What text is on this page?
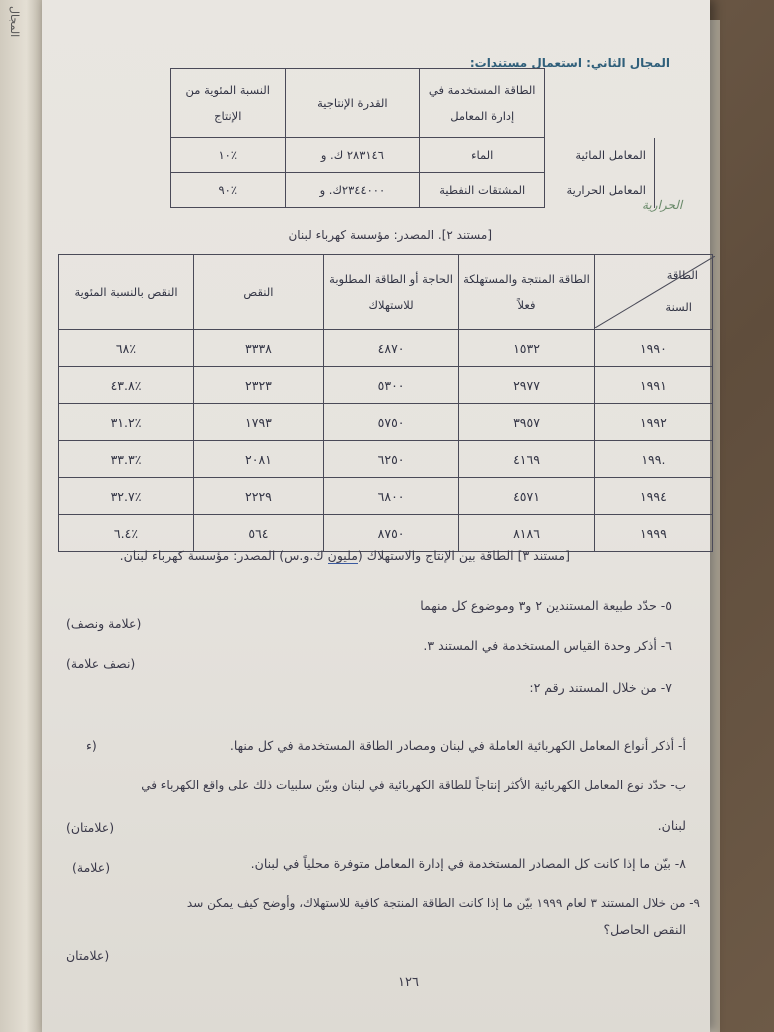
المجال
المجال الثاني: استعمال مستندات:
	الطاقة المستخدمة في إدارة المعامل	القدرة الإنتاجية	النسبة المئوية من الإنتاج
المعامل المائية	الماء	٢٨٣١٤٦ ك. و	٪١٠
المعامل الحرارية	المشتقات النفطية	٢٣٤٤٠٠٠ك. و	٪٩٠
الحرارية
[مستند ٢]. المصدر: مؤسسة كهرباء لبنان
الطاقة
السنة	الطاقة المنتجة والمستهلكة فعلاً	الحاجة أو الطاقة المطلوبة للاستهلاك	النقص	النقص بالنسبة المئوية
١٩٩٠	١٥٣٢	٤٨٧٠	٣٣٣٨	٪٦٨
١٩٩١	٢٩٧٧	٥٣٠٠	٢٣٢٣	٪٤٣.٨
١٩٩٢	٣٩٥٧	٥٧٥٠	١٧٩٣	٪٣١.٢
.١٩٩	٤١٦٩	٦٢٥٠	٢٠٨١	٪٣٣.٣
١٩٩٤	٤٥٧١	٦٨٠٠	٢٢٢٩	٪٣٢.٧
١٩٩٩	٨١٨٦	٨٧٥٠	٥٦٤	٪٦.٤
[مستند ٣] الطاقة بين الإنتاج والاستهلاك (مليون ك.و.س) المصدر: مؤسسة كهرباء لبنان.
٥- حدّد طبيعة المستندين ٢ و٣ وموضوع كل منهما
(علامة ونصف)
٦- أذكر وحدة القياس المستخدمة في المستند ٣.
(نصف علامة)
٧- من خلال المستند رقم ٢:
أ- أذكر أنواع المعامل الكهربائية العاملة في لبنان ومصادر الطاقة المستخدمة في كل منها.
(ء
ب- حدّد نوع المعامل الكهربائية الأكثر إنتاجاً للطاقة الكهربائية في لبنان وبيّن سلبيات ذلك على واقع الكهرباء في
لبنان.
(علامتان)
٨- بيّن ما إذا كانت كل المصادر المستخدمة في إدارة المعامل متوفرة محلياً في لبنان.
(علامة)
٩- من خلال المستند ٣ لعام ١٩٩٩ بيّن ما إذا كانت الطاقة المنتجة كافية للاستهلاك، وأوضح كيف يمكن سد
النقص الحاصل؟
(علامتان
١٢٦
